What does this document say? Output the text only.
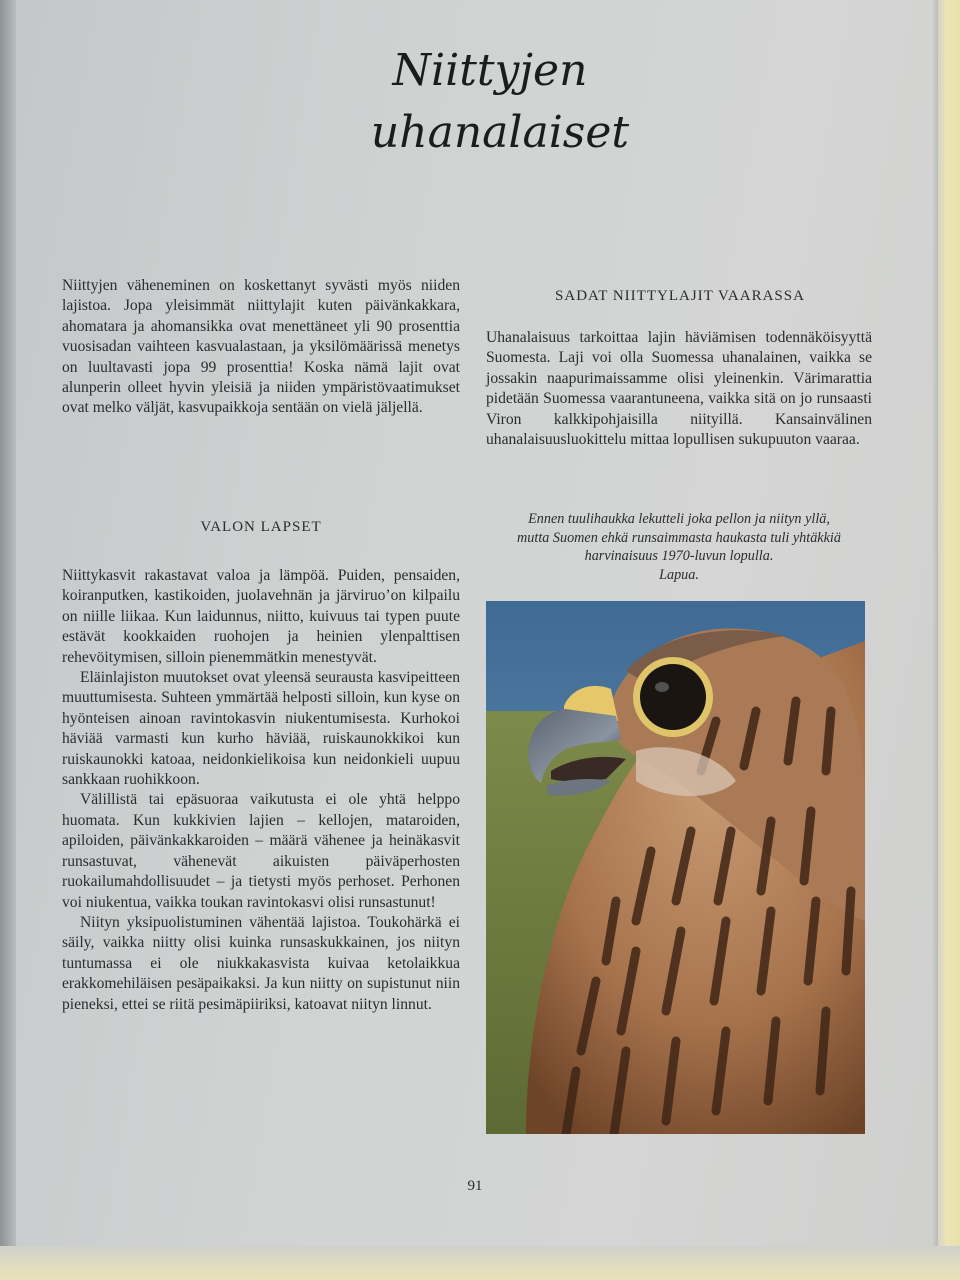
Niittyjen
uhanalaiset

Niittyjen väheneminen on koskettanyt syvästi myös niiden lajistoa. Jopa yleisimmät niittylajit kuten päivänkakkara, ahomatara ja ahomansikka ovat menettäneet yli 90 prosenttia vuosisadan vaihteen kasvualastaan, ja yksilömäärissä menetys on luultavasti jopa 99 prosenttia! Koska nämä lajit ovat alunperin olleet hyvin yleisiä ja niiden ympäristövaatimukset ovat melko väljät, kasvupaikkoja sentään on vielä jäljellä.

VALON LAPSET

Niittykasvit rakastavat valoa ja lämpöä. Puiden, pensaiden, koiranputken, kastikoiden, juolavehnän ja järviruo’on kilpailu on niille liikaa. Kun laidunnus, niitto, kuivuus tai typen puute estävät kookkaiden ruohojen ja heinien ylenpalttisen rehevöitymisen, silloin pienemmätkin menestyvät.

Eläinlajiston muutokset ovat yleensä seurausta kasvipeitteen muuttumisesta. Suhteen ymmärtää helposti silloin, kun kyse on hyönteisen ainoan ravintokasvin niukentumisesta. Kurhokoi häviää varmasti kun kurho häviää, ruiskaunokkikoi kun ruiskaunokki katoaa, neidonkielikoisa kun neidonkieli uupuu sankkaan ruohikkoon.

Välillistä tai epäsuoraa vaikutusta ei ole yhtä helppo huomata. Kun kukkivien lajien – kellojen, mataroiden, apiloiden, päivänkakkaroiden – määrä vähenee ja heinäkasvit runsastuvat, vähenevät aikuisten päiväperhosten ruokailumahdollisuudet – ja tietysti myös perhoset. Perhonen voi niukentua, vaikka toukan ravintokasvi olisi runsastunut!

Niityn yksipuolistuminen vähentää lajistoa. Toukohärkä ei säily, vaikka niitty olisi kuinka runsaskukkainen, jos niityn tuntumassa ei ole niukkakasvista kuivaa ketolaikkua erakkomehiläisen pesäpaikaksi. Ja kun niitty on supistunut niin pieneksi, ettei se riitä pesimäpiiriksi, katoavat niityn linnut.

SADAT NIITTYLAJIT VAARASSA

Uhanalaisuus tarkoittaa lajin häviämisen todennäköisyyttä Suomesta. Laji voi olla Suomessa uhanalainen, vaikka se jossakin naapurimaissamme olisi yleinenkin. Värimarattia pidetään Suomessa vaarantuneena, vaikka sitä on jo runsaasti Viron kalkkipohjaisilla niityillä. Kansainvälinen uhanalaisuusluokittelu mittaa lopullisen sukupuuton vaaraa.

Ennen tuulihaukka lekutteli joka pellon ja niityn yllä,
mutta Suomen ehkä runsaimmasta haukasta tuli yhtäkkiä
harvinaisuus 1970-luvun lopulla.
Lapua.
91
